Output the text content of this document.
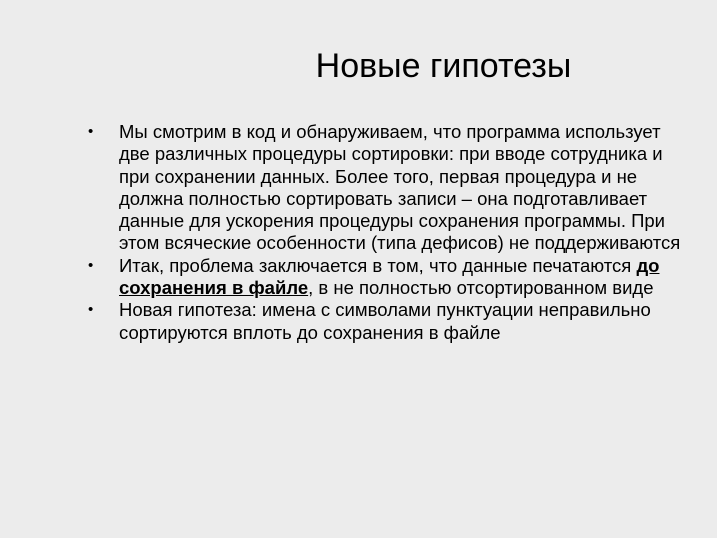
Новые гипотезы
• Мы смотрим в код и обнаруживаем, что программа использует две различных процедуры сортировки: при вводе сотрудника и при сохранении данных. Более того, первая процедура и не должна полностью сортировать записи – она подготавливает данные для ускорения процедуры сохранения программы. При этом всяческие особенности (типа дефисов) не поддерживаются
• Итак, проблема заключается в том, что данные печатаются до сохранения в файле, в не полностью отсортированном виде
• Новая гипотеза: имена с символами пунктуации неправильно сортируются вплоть до сохранения в файле
